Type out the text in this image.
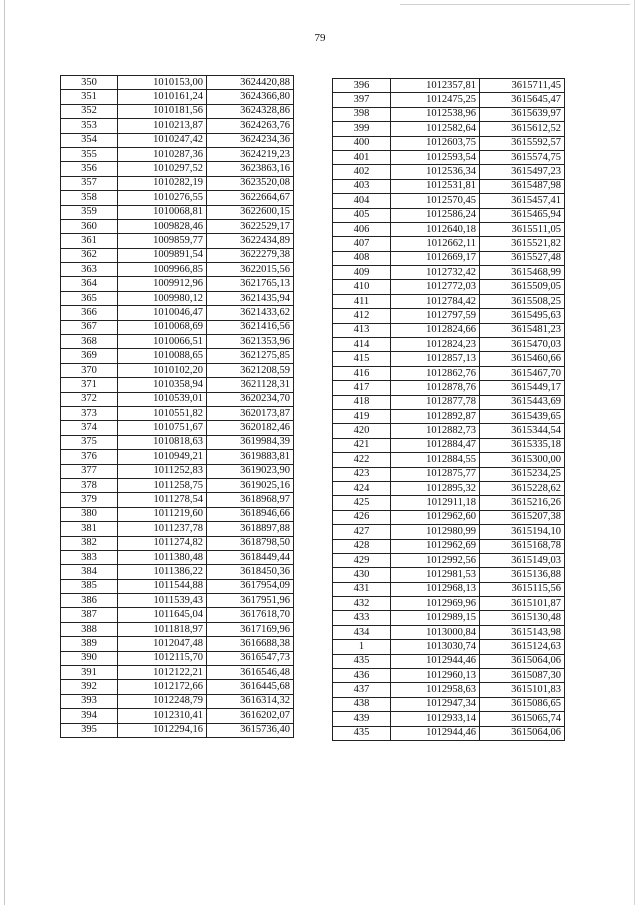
79
350	1010153,00	3624420,88
351	1010161,24	3624366,80
352	1010181,56	3624328,86
353	1010213,87	3624263,76
354	1010247,42	3624234,36
355	1010287,36	3624219,23
356	1010297,52	3623863,16
357	1010282,19	3623520,08
358	1010276,55	3622664,67
359	1010068,81	3622600,15
360	1009828,46	3622529,17
361	1009859,77	3622434,89
362	1009891,54	3622279,38
363	1009966,85	3622015,56
364	1009912,96	3621765,13
365	1009980,12	3621435,94
366	1010046,47	3621433,62
367	1010068,69	3621416,56
368	1010066,51	3621353,96
369	1010088,65	3621275,85
370	1010102,20	3621208,59
371	1010358,94	3621128,31
372	1010539,01	3620234,70
373	1010551,82	3620173,87
374	1010751,67	3620182,46
375	1010818,63	3619984,39
376	1010949,21	3619883,81
377	1011252,83	3619023,90
378	1011258,75	3619025,16
379	1011278,54	3618968,97
380	1011219,60	3618946,66
381	1011237,78	3618897,88
382	1011274,82	3618798,50
383	1011380,48	3618449,44
384	1011386,22	3618450,36
385	1011544,88	3617954,09
386	1011539,43	3617951,96
387	1011645,04	3617618,70
388	1011818,97	3617169,96
389	1012047,48	3616688,38
390	1012115,70	3616547,73
391	1012122,21	3616546,48
392	1012172,66	3616445,68
393	1012248,79	3616314,32
394	1012310,41	3616202,07
395	1012294,16	3615736,40
396	1012357,81	3615711,45
397	1012475,25	3615645,47
398	1012538,96	3615639,97
399	1012582,64	3615612,52
400	1012603,75	3615592,57
401	1012593,54	3615574,75
402	1012536,34	3615497,23
403	1012531,81	3615487,98
404	1012570,45	3615457,41
405	1012586,24	3615465,94
406	1012640,18	3615511,05
407	1012662,11	3615521,82
408	1012669,17	3615527,48
409	1012732,42	3615468,99
410	1012772,03	3615509,05
411	1012784,42	3615508,25
412	1012797,59	3615495,63
413	1012824,66	3615481,23
414	1012824,23	3615470,03
415	1012857,13	3615460,66
416	1012862,76	3615467,70
417	1012878,76	3615449,17
418	1012877,78	3615443,69
419	1012892,87	3615439,65
420	1012882,73	3615344,54
421	1012884,47	3615335,18
422	1012884,55	3615300,00
423	1012875,77	3615234,25
424	1012895,32	3615228,62
425	1012911,18	3615216,26
426	1012962,60	3615207,38
427	1012980,99	3615194,10
428	1012962,69	3615168,78
429	1012992,56	3615149,03
430	1012981,53	3615136,88
431	1012968,13	3615115,56
432	1012969,96	3615101,87
433	1012989,15	3615130,48
434	1013000,84	3615143,98
1	1013030,74	3615124,63
435	1012944,46	3615064,06
436	1012960,13	3615087,30
437	1012958,63	3615101,83
438	1012947,34	3615086,65
439	1012933,14	3615065,74
435	1012944,46	3615064,06
